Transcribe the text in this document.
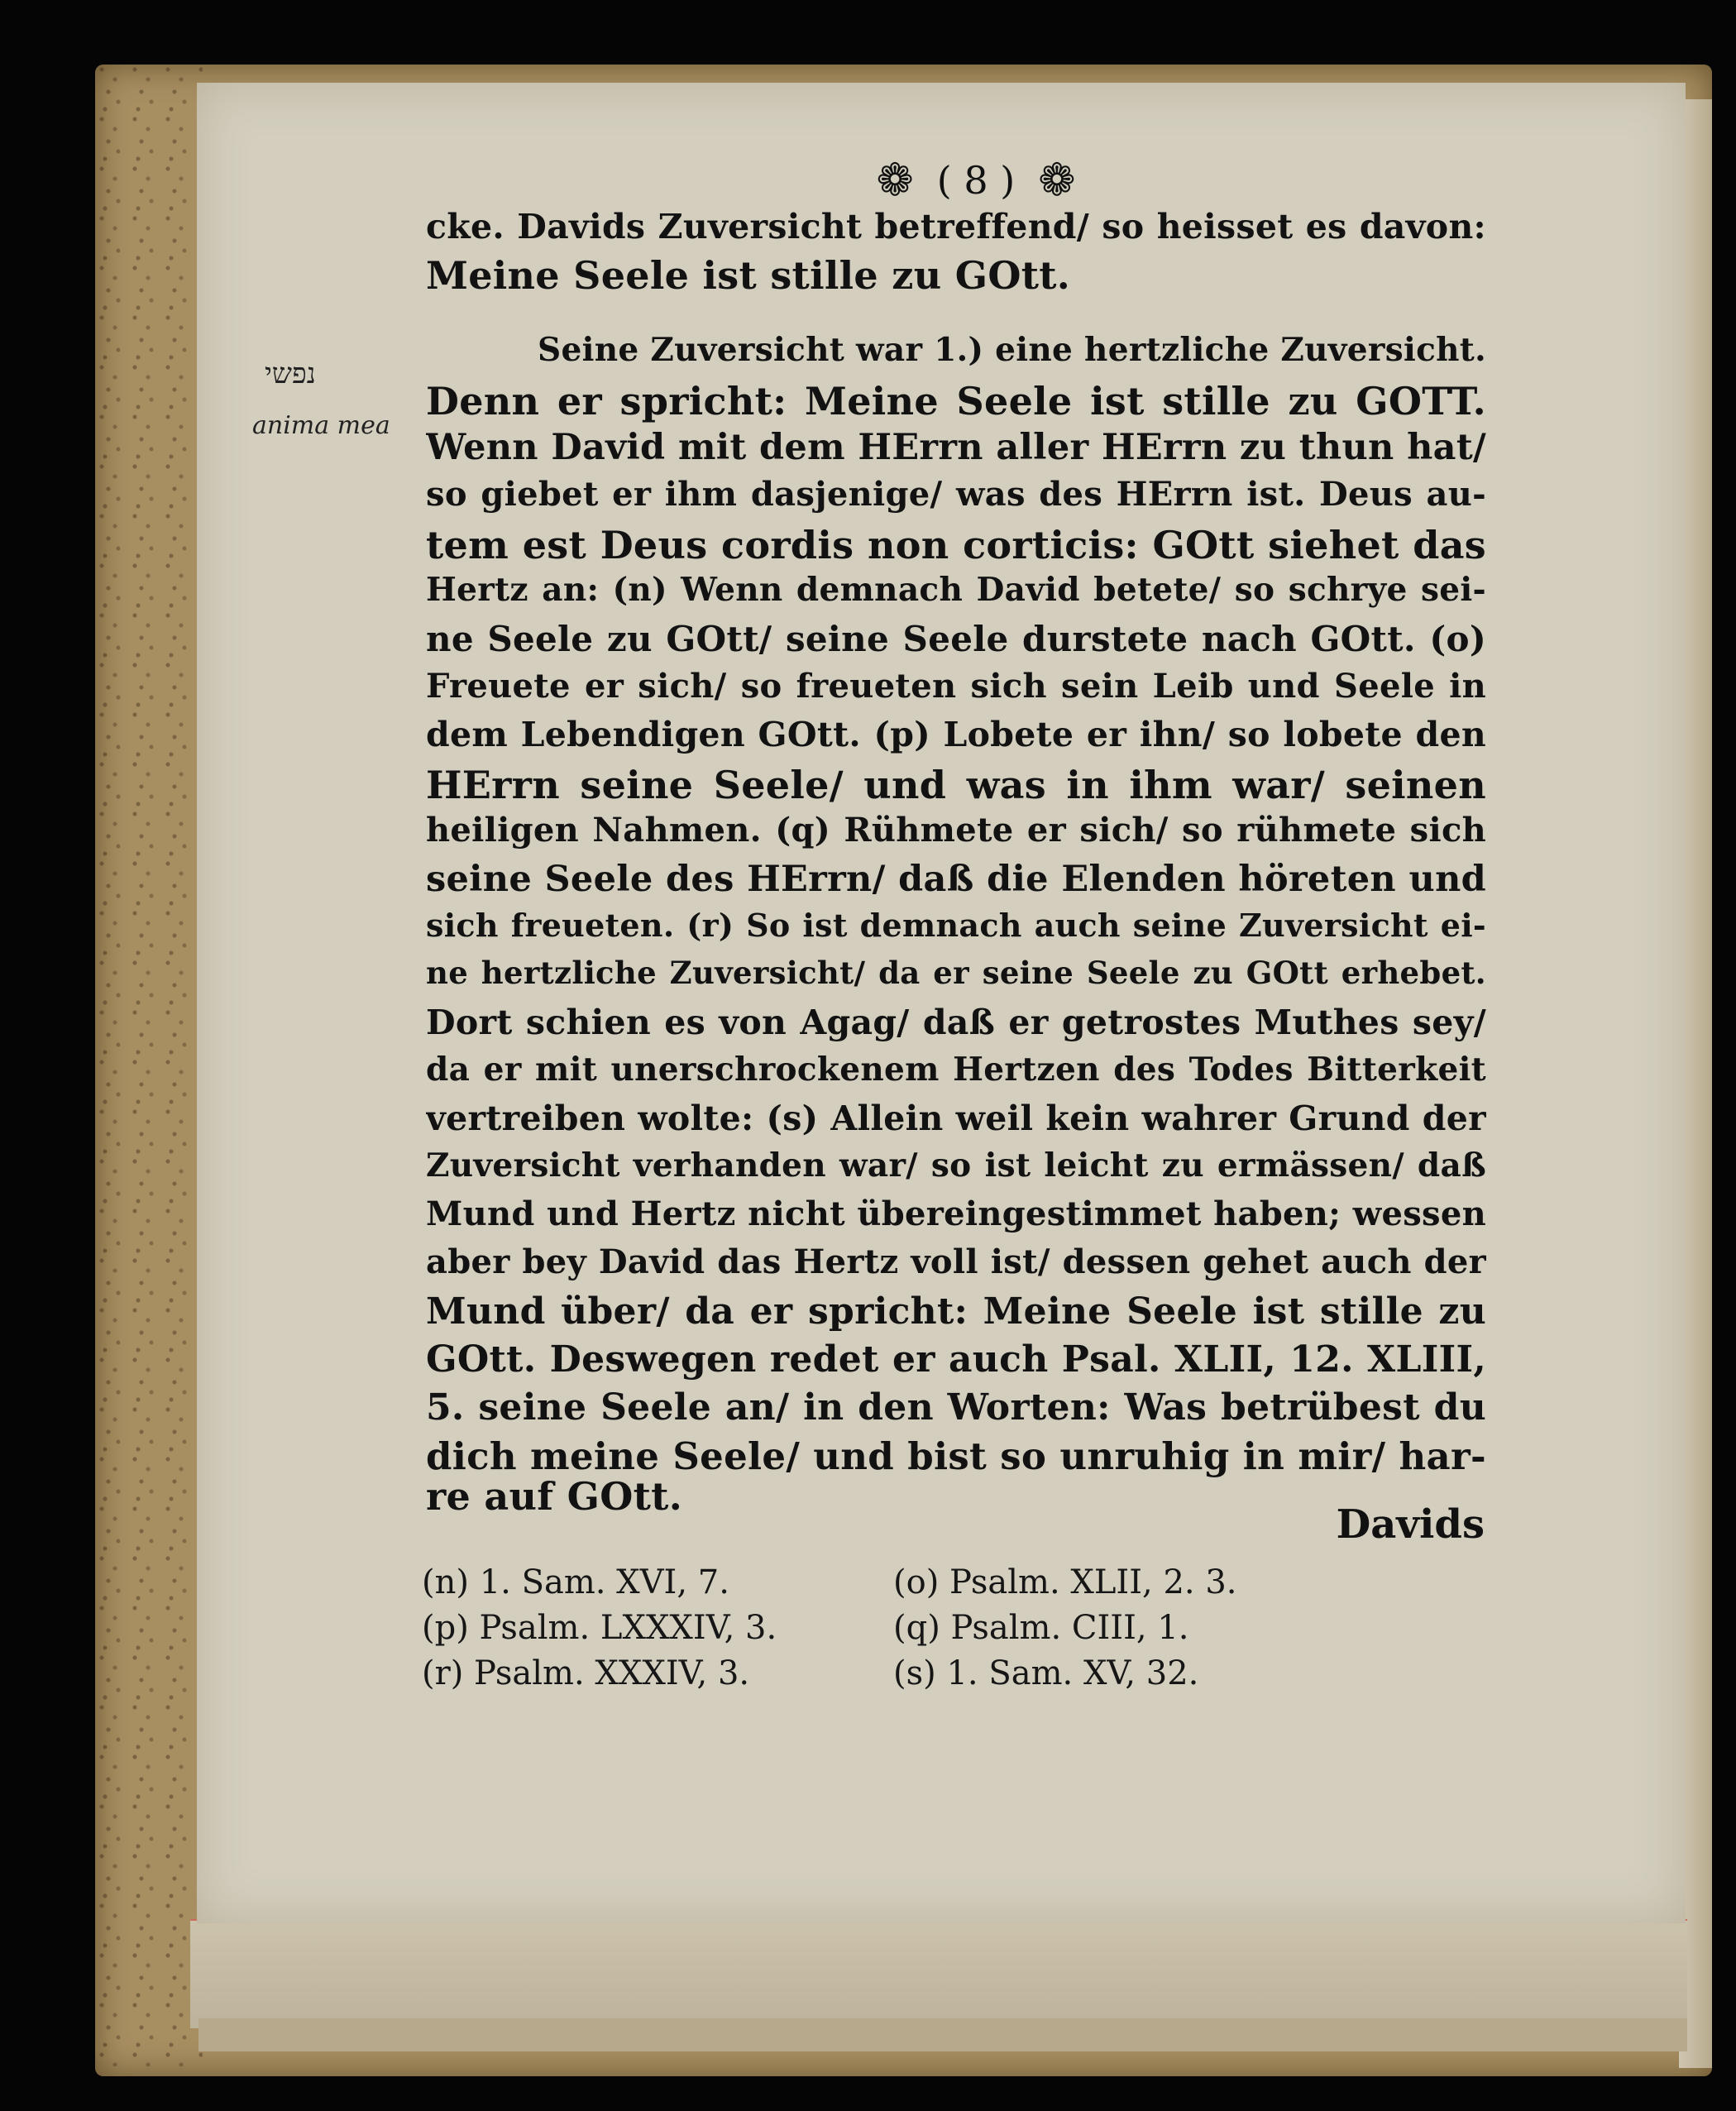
❁ ( 8 ) ❁
נפשי
anima mea
cke. Davids Zuversicht betreffend/ so heisset es davon:
Meine Seele ist stille zu GOtt.
Seine Zuversicht war 1.) eine hertzliche Zuversicht.
Denn er spricht: Meine Seele ist stille zu GOTT.
Wenn David mit dem HErrn aller HErrn zu thun hat/
so giebet er ihm dasjenige/ was des HErrn ist. Deus au-
tem est Deus cordis non corticis: GOtt siehet das
Hertz an: (n) Wenn demnach David betete/ so schrye sei-
ne Seele zu GOtt/ seine Seele durstete nach GOtt. (o)
Freuete er sich/ so freueten sich sein Leib und Seele in
dem Lebendigen GOtt. (p) Lobete er ihn/ so lobete den
HErrn seine Seele/ und was in ihm war/ seinen
heiligen Nahmen. (q) Rühmete er sich/ so rühmete sich
seine Seele des HErrn/ daß die Elenden höreten und
sich freueten. (r) So ist demnach auch seine Zuversicht ei-
ne hertzliche Zuversicht/ da er seine Seele zu GOtt erhebet.
Dort schien es von Agag/ daß er getrostes Muthes sey/
da er mit unerschrockenem Hertzen des Todes Bitterkeit
vertreiben wolte: (s) Allein weil kein wahrer Grund der
Zuversicht verhanden war/ so ist leicht zu ermässen/ daß
Mund und Hertz nicht übereingestimmet haben; wessen
aber bey David das Hertz voll ist/ dessen gehet auch der
Mund über/ da er spricht: Meine Seele ist stille zu
GOtt. Deswegen redet er auch Psal. XLII, 12. XLIII,
5. seine Seele an/ in den Worten: Was betrübest du
dich meine Seele/ und bist so unruhig in mir/ har-
re auf GOtt.
Davids
(n) 1. Sam. XVI, 7.	(o) Psalm. XLII, 2. 3.
(p) Psalm. LXXXIV, 3.	(q) Psalm. CIII, 1.
(r) Psalm. XXXIV, 3.	(s) 1. Sam. XV, 32.
